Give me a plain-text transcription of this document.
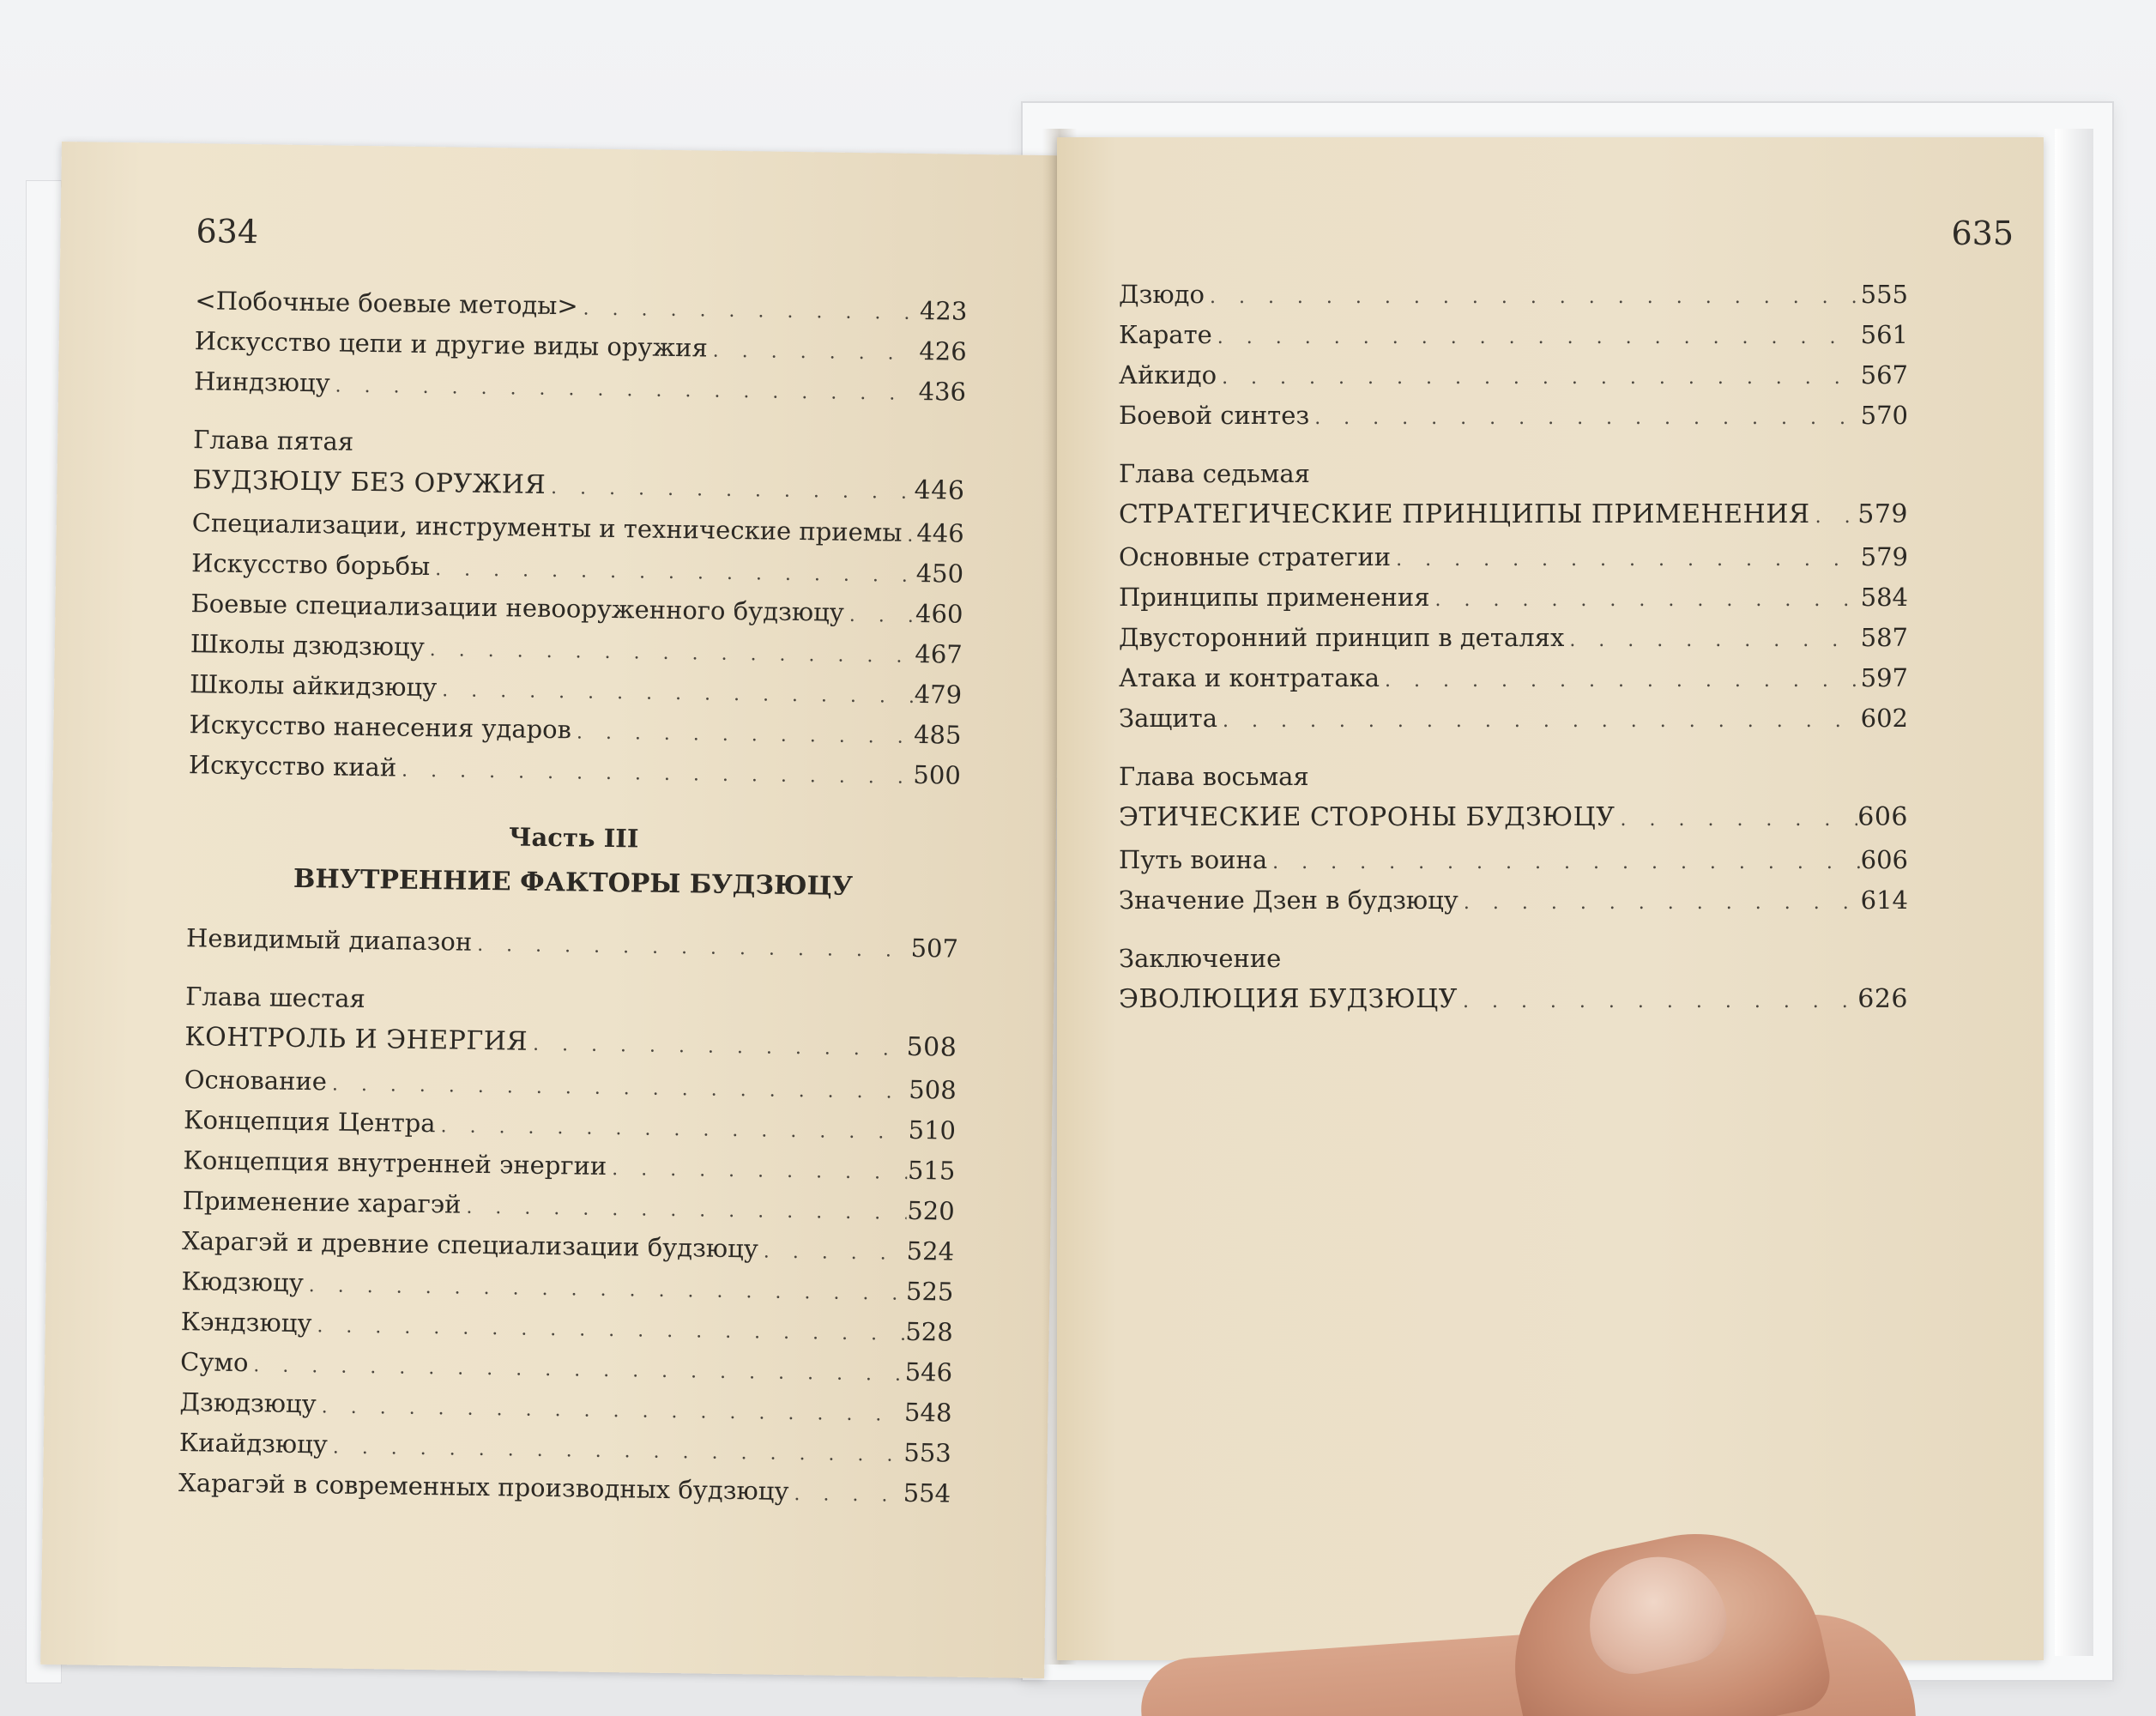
634
<Побочные боевые методы> . . .	423
Искусство цепи и другие виды оружия . . .	426
Ниндзюцу . . .	436
Глава пятая
БУДЗЮЦУ БЕЗ ОРУЖИЯ . . .	446
Специализации, инструменты и технические приемы . . . 446
Искусство борьбы . . .	450
Боевые специализации невооруженного будзюцу . . .	460
Школы дзюдзюцу . . .	467
Школы айкидзюцу . . .	479
Искусство нанесения ударов . . .	485
Искусство киай . . .	500
Часть III
ВНУТРЕННИЕ ФАКТОРЫ БУДЗЮЦУ
Невидимый диапазон . . .	507
Глава шестая
КОНТРОЛЬ И ЭНЕРГИЯ . . .	508
Основание . . .	508
Концепция Центра . . .	510
Концепция внутренней энергии . . .	515
Применение харагэй . . .	520
Харагэй и древние специализации будзюцу . . .	524
Кюдзюцу . . .	525
Кэндзюцу . . .	528
Сумо . . .	546
Дзюдзюцу . . .	548
Киайдзюцу . . .	553
Харагэй в современных производных будзюцу . . .	554
635
Дзюдо . . .	555
Карате . . .	561
Айкидо . . .	567
Боевой синтез . . .	570
Глава седьмая
СТРАТЕГИЧЕСКИЕ ПРИНЦИПЫ ПРИМЕНЕНИЯ . . . 579
Основные стратегии . . .	579
Принципы применения . . .	584
Двусторонний принцип в деталях . . .	587
Атака и контратака . . .	597
Защита . . .	602
Глава восьмая
ЭТИЧЕСКИЕ СТОРОНЫ БУДЗЮЦУ . . .	606
Путь воина . . .	606
Значение Дзен в будзюцу . . .	614
Заключение
ЭВОЛЮЦИЯ БУДЗЮЦУ . . .	626
